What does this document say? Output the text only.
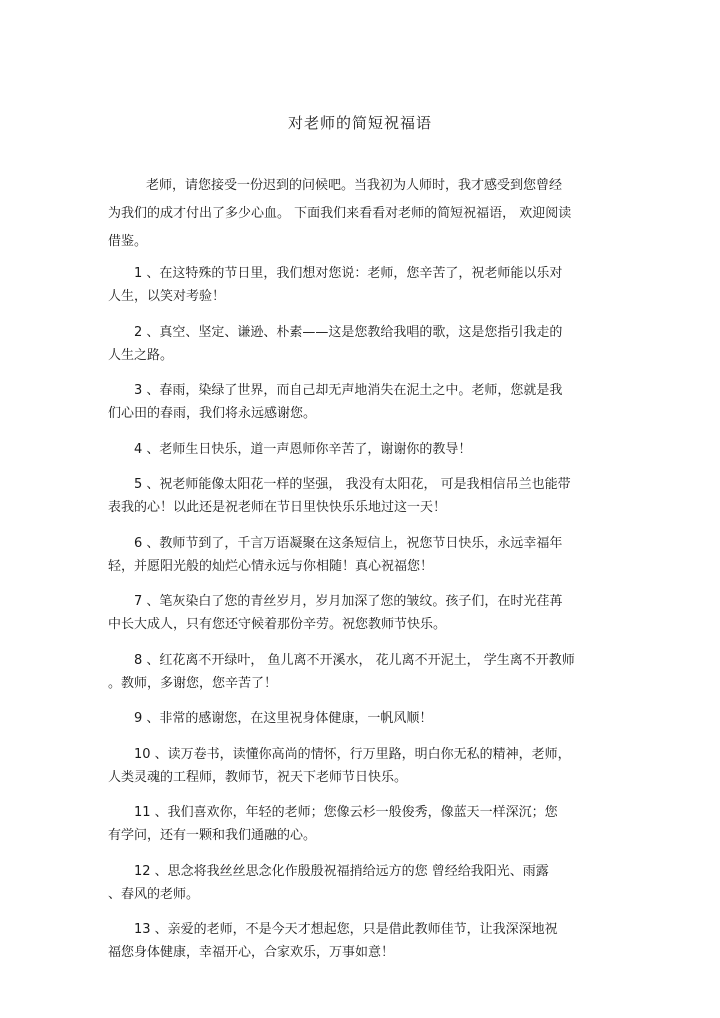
对老师的简短祝福语
老师，请您接受一份迟到的问候吧。当我初为人师时，我才感受到您曾经
为我们的成才付出了多少心血。 下面我们来看看对老师的简短祝福语， 欢迎阅读
借鉴。
1 、在这特殊的节日里，我们想对您说：老师，您辛苦了，祝老师能以乐对
人生，以笑对考验！
2 、真空、坚定、谦逊、朴素——这是您教给我唱的歌，这是您指引我走的
人生之路。
3 、春雨，染绿了世界，而自己却无声地消失在泥土之中。老师，您就是我
们心田的春雨，我们将永远感谢您。
4 、老师生日快乐，道一声恩师你辛苦了，谢谢你的教导！
5 、祝老师能像太阳花一样的坚强， 我没有太阳花， 可是我相信吊兰也能带
表我的心！以此还是祝老师在节日里快快乐乐地过这一天！
6 、教师节到了，千言万语凝聚在这条短信上，祝您节日快乐，永远幸福年
轻，并愿阳光般的灿烂心情永远与你相随！真心祝福您！
7 、笔灰染白了您的青丝岁月，岁月加深了您的皱纹。孩子们，在时光荏苒
中长大成人，只有您还守候着那份辛劳。祝您教师节快乐。
8 、红花离不开绿叶， 鱼儿离不开溪水， 花儿离不开泥土， 学生离不开教师
。教师，多谢您，您辛苦了！
9 、非常的感谢您，在这里祝身体健康，一帆风顺！
10 、读万卷书，读懂你高尚的情怀，行万里路，明白你无私的精神，老师，
人类灵魂的工程师，教师节，祝天下老师节日快乐。
11 、我们喜欢你，年轻的老师；您像云杉一般俊秀，像蓝天一样深沉；您
有学问，还有一颗和我们通融的心。
12 、思念将我丝丝思念化作殷殷祝福捎给远方的您 曾经给我阳光、雨露
、春风的老师。
13 、亲爱的老师，不是今天才想起您，只是借此教师佳节，让我深深地祝
福您身体健康，幸福开心，合家欢乐，万事如意！
